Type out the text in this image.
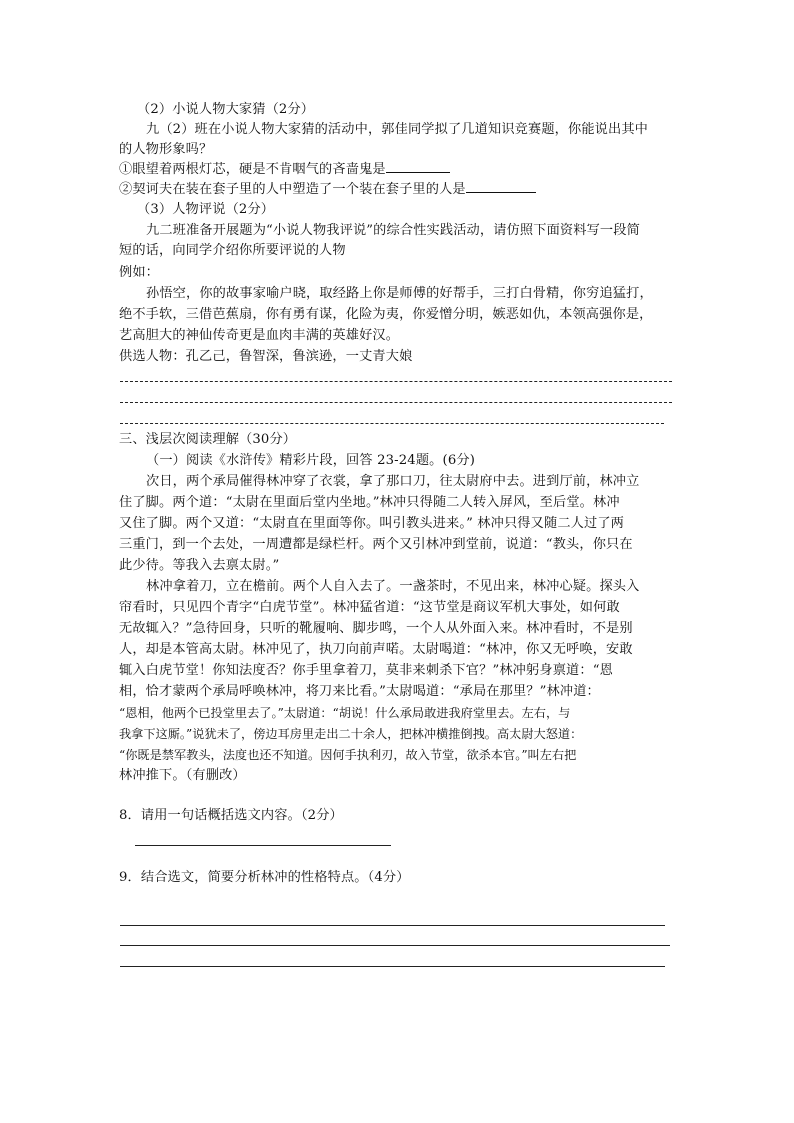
（2）小说人物大家猜（2分）
九（2）班在小说人物大家猜的活动中，郭佳同学拟了几道知识竞赛题，你能说出其中
的人物形象吗？
①眼望着两根灯芯，硬是不肯咽气的吝啬鬼是
②契诃夫在装在套子里的人中塑造了一个装在套子里的人是
（3）人物评说（2分）
九二班准备开展题为“小说人物我评说”的综合性实践活动，请仿照下面资料写一段简
短的话，向同学介绍你所要评说的人物
例如：
孙悟空，你的故事家喻户晓，取经路上你是师傅的好帮手，三打白骨精，你穷追猛打，
绝不手软，三借芭蕉扇，你有勇有谋，化险为夷，你爱憎分明，嫉恶如仇，本领高强你是，
艺高胆大的神仙传奇更是血肉丰满的英雄好汉。
供选人物：孔乙己，鲁智深，鲁滨逊，一丈青大娘
三、浅层次阅读理解（30分）
（一）阅读《水浒传》精彩片段，回答 23-24题。(6分)
次日，两个承局催得林冲穿了衣裳，拿了那口刀，往太尉府中去。进到厅前，林冲立
住了脚。两个道：“太尉在里面后堂内坐地。”林冲只得随二人转入屏风，至后堂。林冲
又住了脚。两个又道：“太尉直在里面等你。叫引教头进来。” 林冲只得又随二人过了两
三重门，到一个去处，一周遭都是绿栏杆。两个又引林冲到堂前，说道：“教头，你只在
此少待。等我入去禀太尉。”
林冲拿着刀，立在檐前。两个人自入去了。一盏茶时，不见出来，林冲心疑。探头入
帘看时，只见四个青字“白虎节堂”。林冲猛省道：“这节堂是商议军机大事处，如何敢
无故辄入？”急待回身，只听的靴履响、脚步鸣，一个人从外面入来。林冲看时，不是别
人，却是本管高太尉。林冲见了，执刀向前声喏。太尉喝道：“林冲，你又无呼唤，安敢
辄入白虎节堂！你知法度否？你手里拿着刀，莫非来刺杀下官？”林冲躬身禀道：“恩
相，恰才蒙两个承局呼唤林冲，将刀来比看。”太尉喝道：“承局在那里？”林冲道：
“恩相，他两个已投堂里去了。”太尉道：“胡说！什么承局敢进我府堂里去。左右，与
我拿下这厮。”说犹未了，傍边耳房里走出二十余人，把林冲横推倒拽。高太尉大怒道：
“你既是禁军教头，法度也还不知道。因何手执利刃，故入节堂，欲杀本官。”叫左右把
林冲推下。（有删改）
8．请用一句话概括选文内容。（2分）
9．结合选文，简要分析林冲的性格特点。（4分）
